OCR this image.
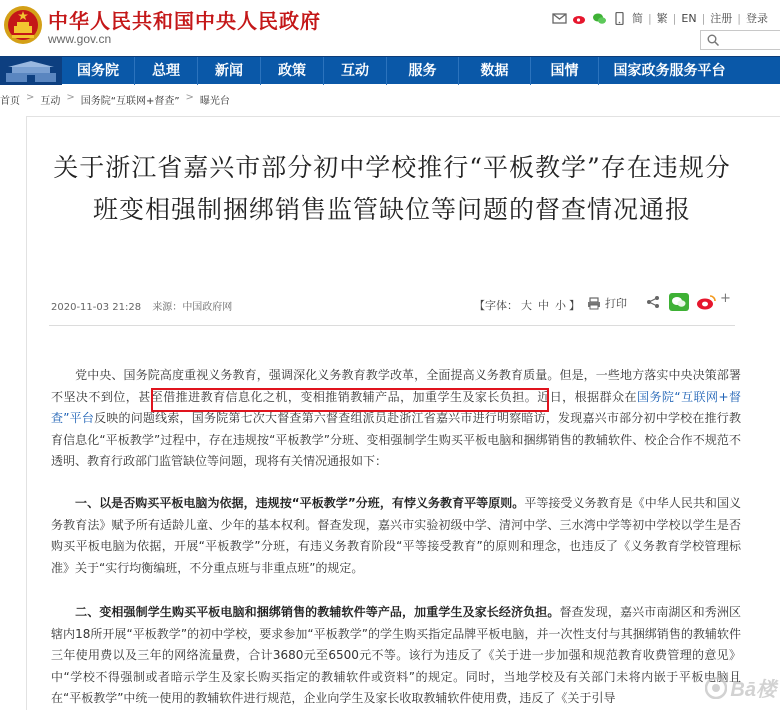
中华人民共和国中央人民政府
www.gov.cn
简 | 繁 | EN | 注册 | 登录
国务院	总理	新闻	政策	互动	服务	数据	国情	国家政务服务平台
首页 > 互动 > 国务院“互联网+督查” > 曝光台
关于浙江省嘉兴市部分初中学校推行“平板教学”存在违规分班变相强制捆绑销售监管缺位等问题的督查情况通报
2020-11-03 21:28 来源：中国政府网	【字体： 大 中 小 】 打印	+
党中央、国务院高度重视义务教育，强调深化义务教育教学改革，全面提高义务教育质量。但是，一些地方落实中央决策部署不坚决不到位，甚至借推进教育信息化之机，变相推销教辅产品，加重学生及家长负担。近日，根据群众在国务院“互联网+督查”平台反映的问题线索，国务院第七次大督查第六督查组派员赴浙江省嘉兴市进行明察暗访，发现嘉兴市部分初中学校在推行教育信息化“平板教学”过程中，存在违规按“平板教学”分班、变相强制学生购买平板电脑和捆绑销售的教辅软件、校企合作不规范不透明、教育行政部门监管缺位等问题，现将有关情况通报如下：
一、以是否购买平板电脑为依据，违规按“平板教学”分班，有悖义务教育平等原则。平等接受义务教育是《中华人民共和国义务教育法》赋予所有适龄儿童、少年的基本权利。督查发现，嘉兴市实验初级中学、清河中学、三水湾中学等初中学校以学生是否购买平板电脑为依据，开展“平板教学”分班，有违义务教育阶段“平等接受教育”的原则和理念，也违反了《义务教育学校管理标准》关于“实行均衡编班，不分重点班与非重点班”的规定。
二、变相强制学生购买平板电脑和捆绑销售的教辅软件等产品，加重学生及家长经济负担。督查发现，嘉兴市南湖区和秀洲区辖内18所开展“平板教学”的初中学校，要求参加“平板教学”的学生购买指定品牌平板电脑，并一次性支付与其捆绑销售的教辅软件三年使用费以及三年的网络流量费，合计3680元至6500元不等。该行为违反了《关于进一步加强和规范教育收费管理的意见》中“学校不得强制或者暗示学生及家长购买指定的教辅软件或资料”的规定。同时，当地学校及有关部门未将内嵌于平板电脑且在“平板教学”中统一使用的教辅软件进行规范，企业向学生及家长收取教辅软件使用费，违反了《关于引导	Bā楼
